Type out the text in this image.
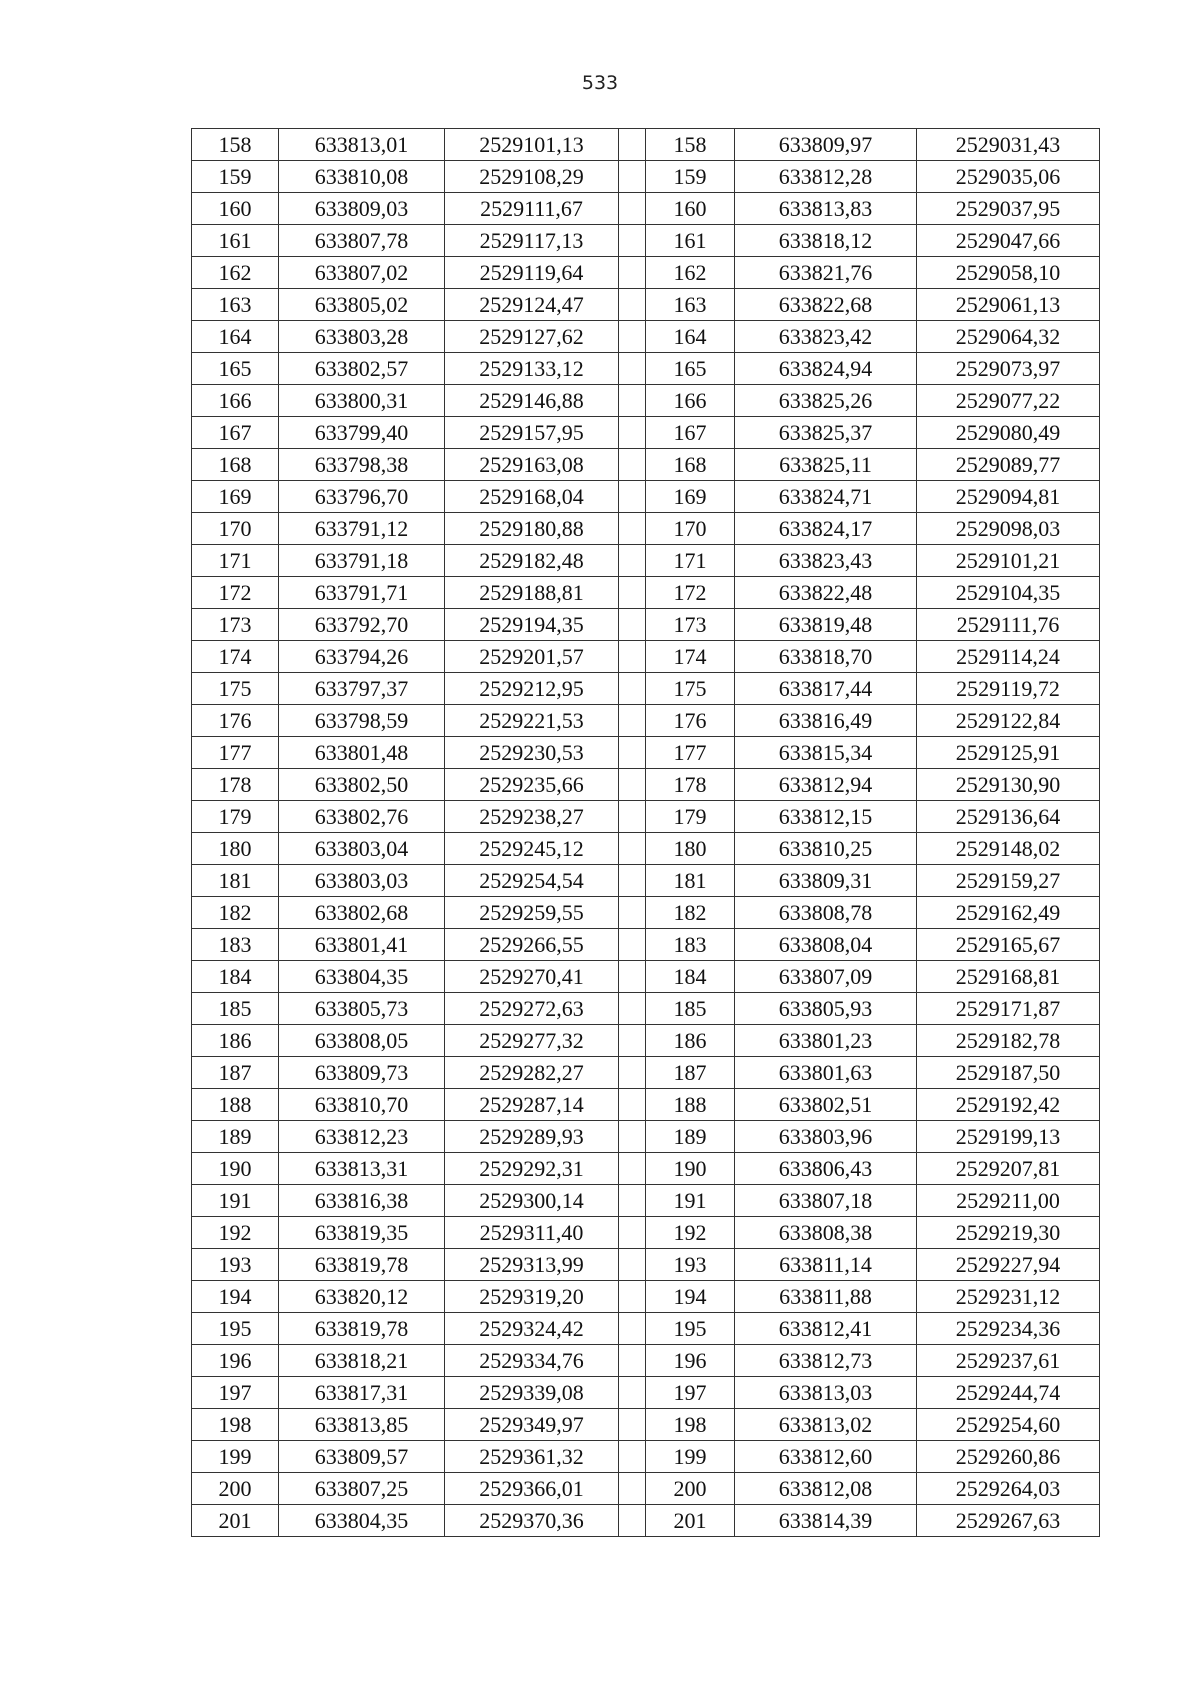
533
158	633813,01	2529101,13		158	633809,97	2529031,43
159	633810,08	2529108,29		159	633812,28	2529035,06
160	633809,03	2529111,67		160	633813,83	2529037,95
161	633807,78	2529117,13		161	633818,12	2529047,66
162	633807,02	2529119,64		162	633821,76	2529058,10
163	633805,02	2529124,47		163	633822,68	2529061,13
164	633803,28	2529127,62		164	633823,42	2529064,32
165	633802,57	2529133,12		165	633824,94	2529073,97
166	633800,31	2529146,88		166	633825,26	2529077,22
167	633799,40	2529157,95		167	633825,37	2529080,49
168	633798,38	2529163,08		168	633825,11	2529089,77
169	633796,70	2529168,04		169	633824,71	2529094,81
170	633791,12	2529180,88		170	633824,17	2529098,03
171	633791,18	2529182,48		171	633823,43	2529101,21
172	633791,71	2529188,81		172	633822,48	2529104,35
173	633792,70	2529194,35		173	633819,48	2529111,76
174	633794,26	2529201,57		174	633818,70	2529114,24
175	633797,37	2529212,95		175	633817,44	2529119,72
176	633798,59	2529221,53		176	633816,49	2529122,84
177	633801,48	2529230,53		177	633815,34	2529125,91
178	633802,50	2529235,66		178	633812,94	2529130,90
179	633802,76	2529238,27		179	633812,15	2529136,64
180	633803,04	2529245,12		180	633810,25	2529148,02
181	633803,03	2529254,54		181	633809,31	2529159,27
182	633802,68	2529259,55		182	633808,78	2529162,49
183	633801,41	2529266,55		183	633808,04	2529165,67
184	633804,35	2529270,41		184	633807,09	2529168,81
185	633805,73	2529272,63		185	633805,93	2529171,87
186	633808,05	2529277,32		186	633801,23	2529182,78
187	633809,73	2529282,27		187	633801,63	2529187,50
188	633810,70	2529287,14		188	633802,51	2529192,42
189	633812,23	2529289,93		189	633803,96	2529199,13
190	633813,31	2529292,31		190	633806,43	2529207,81
191	633816,38	2529300,14		191	633807,18	2529211,00
192	633819,35	2529311,40		192	633808,38	2529219,30
193	633819,78	2529313,99		193	633811,14	2529227,94
194	633820,12	2529319,20		194	633811,88	2529231,12
195	633819,78	2529324,42		195	633812,41	2529234,36
196	633818,21	2529334,76		196	633812,73	2529237,61
197	633817,31	2529339,08		197	633813,03	2529244,74
198	633813,85	2529349,97		198	633813,02	2529254,60
199	633809,57	2529361,32		199	633812,60	2529260,86
200	633807,25	2529366,01		200	633812,08	2529264,03
201	633804,35	2529370,36		201	633814,39	2529267,63
